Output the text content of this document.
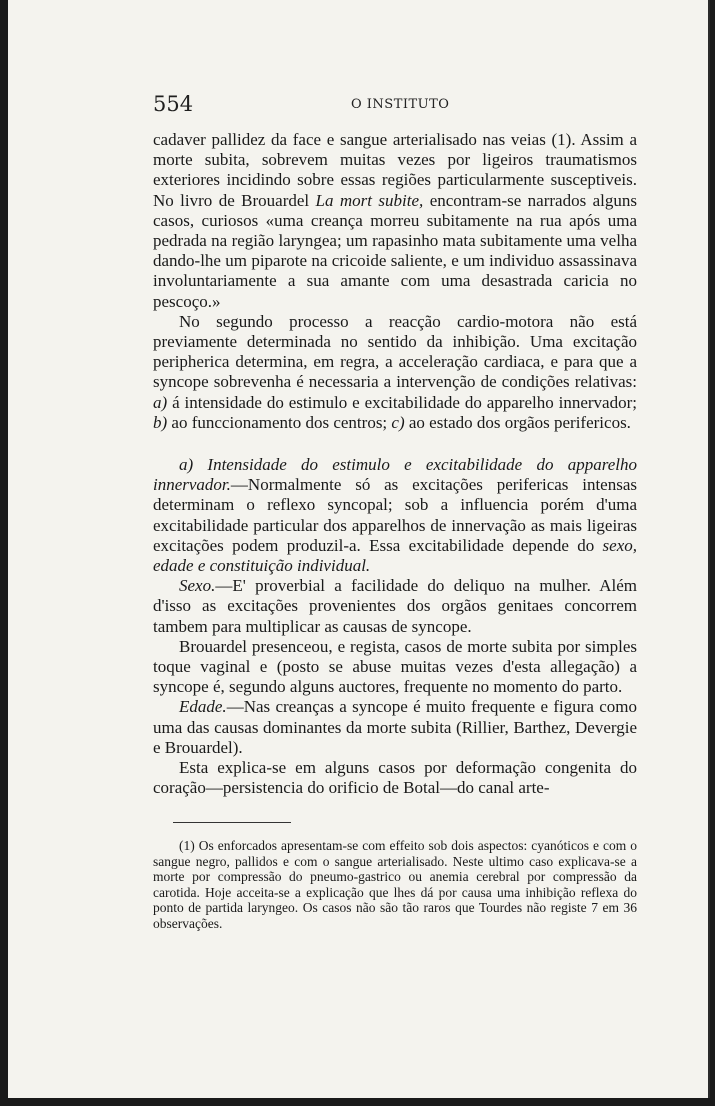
554	O INSTITUTO

cadaver pallidez da face e sangue arterialisado nas veias (1). Assim a morte subita, sobrevem muitas vezes por ligeiros traumatismos exteriores incidindo sobre essas regiões particularmente susceptiveis. No livro de Brouardel La mort subite, encontram-se narrados alguns casos, curiosos «uma creança morreu subitamente na rua após uma pedrada na região laryngea; um rapasinho mata subitamente uma velha dando-lhe um piparote na cricoide saliente, e um individuo assassinava involuntariamente a sua amante com uma desastrada caricia no pescoço.»

No segundo processo a reacção cardio-motora não está previamente determinada no sentido da inhibição. Uma excitação peripherica determina, em regra, a acceleração cardiaca, e para que a syncope sobrevenha é necessaria a intervenção de condições relativas: a) á intensidade do estimulo e excitabilidade do apparelho innervador; b) ao funccionamento dos centros; c) ao estado dos orgãos perifericos.

a) Intensidade do estimulo e excitabilidade do apparelho innervador.—Normalmente só as excitações perifericas intensas determinam o reflexo syncopal; sob a influencia porém d'uma excitabilidade particular dos apparelhos de innervação as mais ligeiras excitações podem produzil-a. Essa excitabilidade depende do sexo, edade e constituição individual.

Sexo.—E' proverbial a facilidade do deliquo na mulher. Além d'isso as excitações provenientes dos orgãos genitaes concorrem tambem para multiplicar as causas de syncope.

Brouardel presenceou, e regista, casos de morte subita por simples toque vaginal e (posto se abuse muitas vezes d'esta allegação) a syncope é, segundo alguns auctores, frequente no momento do parto.

Edade.—Nas creanças a syncope é muito frequente e figura como uma das causas dominantes da morte subita (Rillier, Barthez, Devergie e Brouardel).

Esta explica-se em alguns casos por deformação congenita do coração—persistencia do orificio de Botal—do canal arte-

(1) Os enforcados apresentam-se com effeito sob dois aspectos: cyanóticos e com o sangue negro, pallidos e com o sangue arterialisado. Neste ultimo caso explicava-se a morte por compressão do pneumo-gastrico ou anemia cerebral por compressão da carotida. Hoje acceita-se a explicação que lhes dá por causa uma inhibição reflexa do ponto de partida laryngeo. Os casos não são tão raros que Tourdes não registe 7 em 36 observações.
